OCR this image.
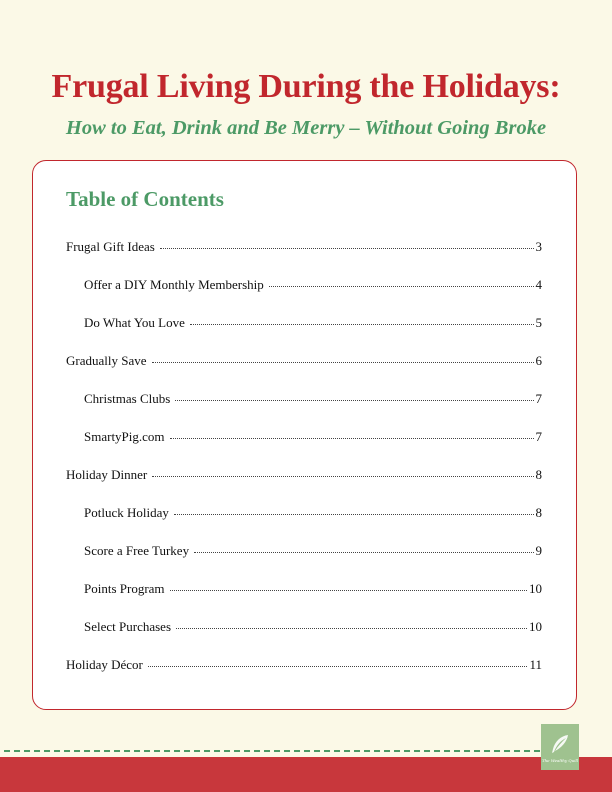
Frugal Living During the Holidays:
How to Eat, Drink and Be Merry – Without Going Broke
Table of Contents
Frugal Gift Ideas	3
Offer a DIY Monthly Membership	4
Do What You Love	5
Gradually Save	6
Christmas Clubs	7
SmartyPig.com	7
Holiday Dinner	8
Potluck Holiday	8
Score a Free Turkey	9
Points Program	10
Select Purchases	10
Holiday Décor	11
The Wealthy Quill
